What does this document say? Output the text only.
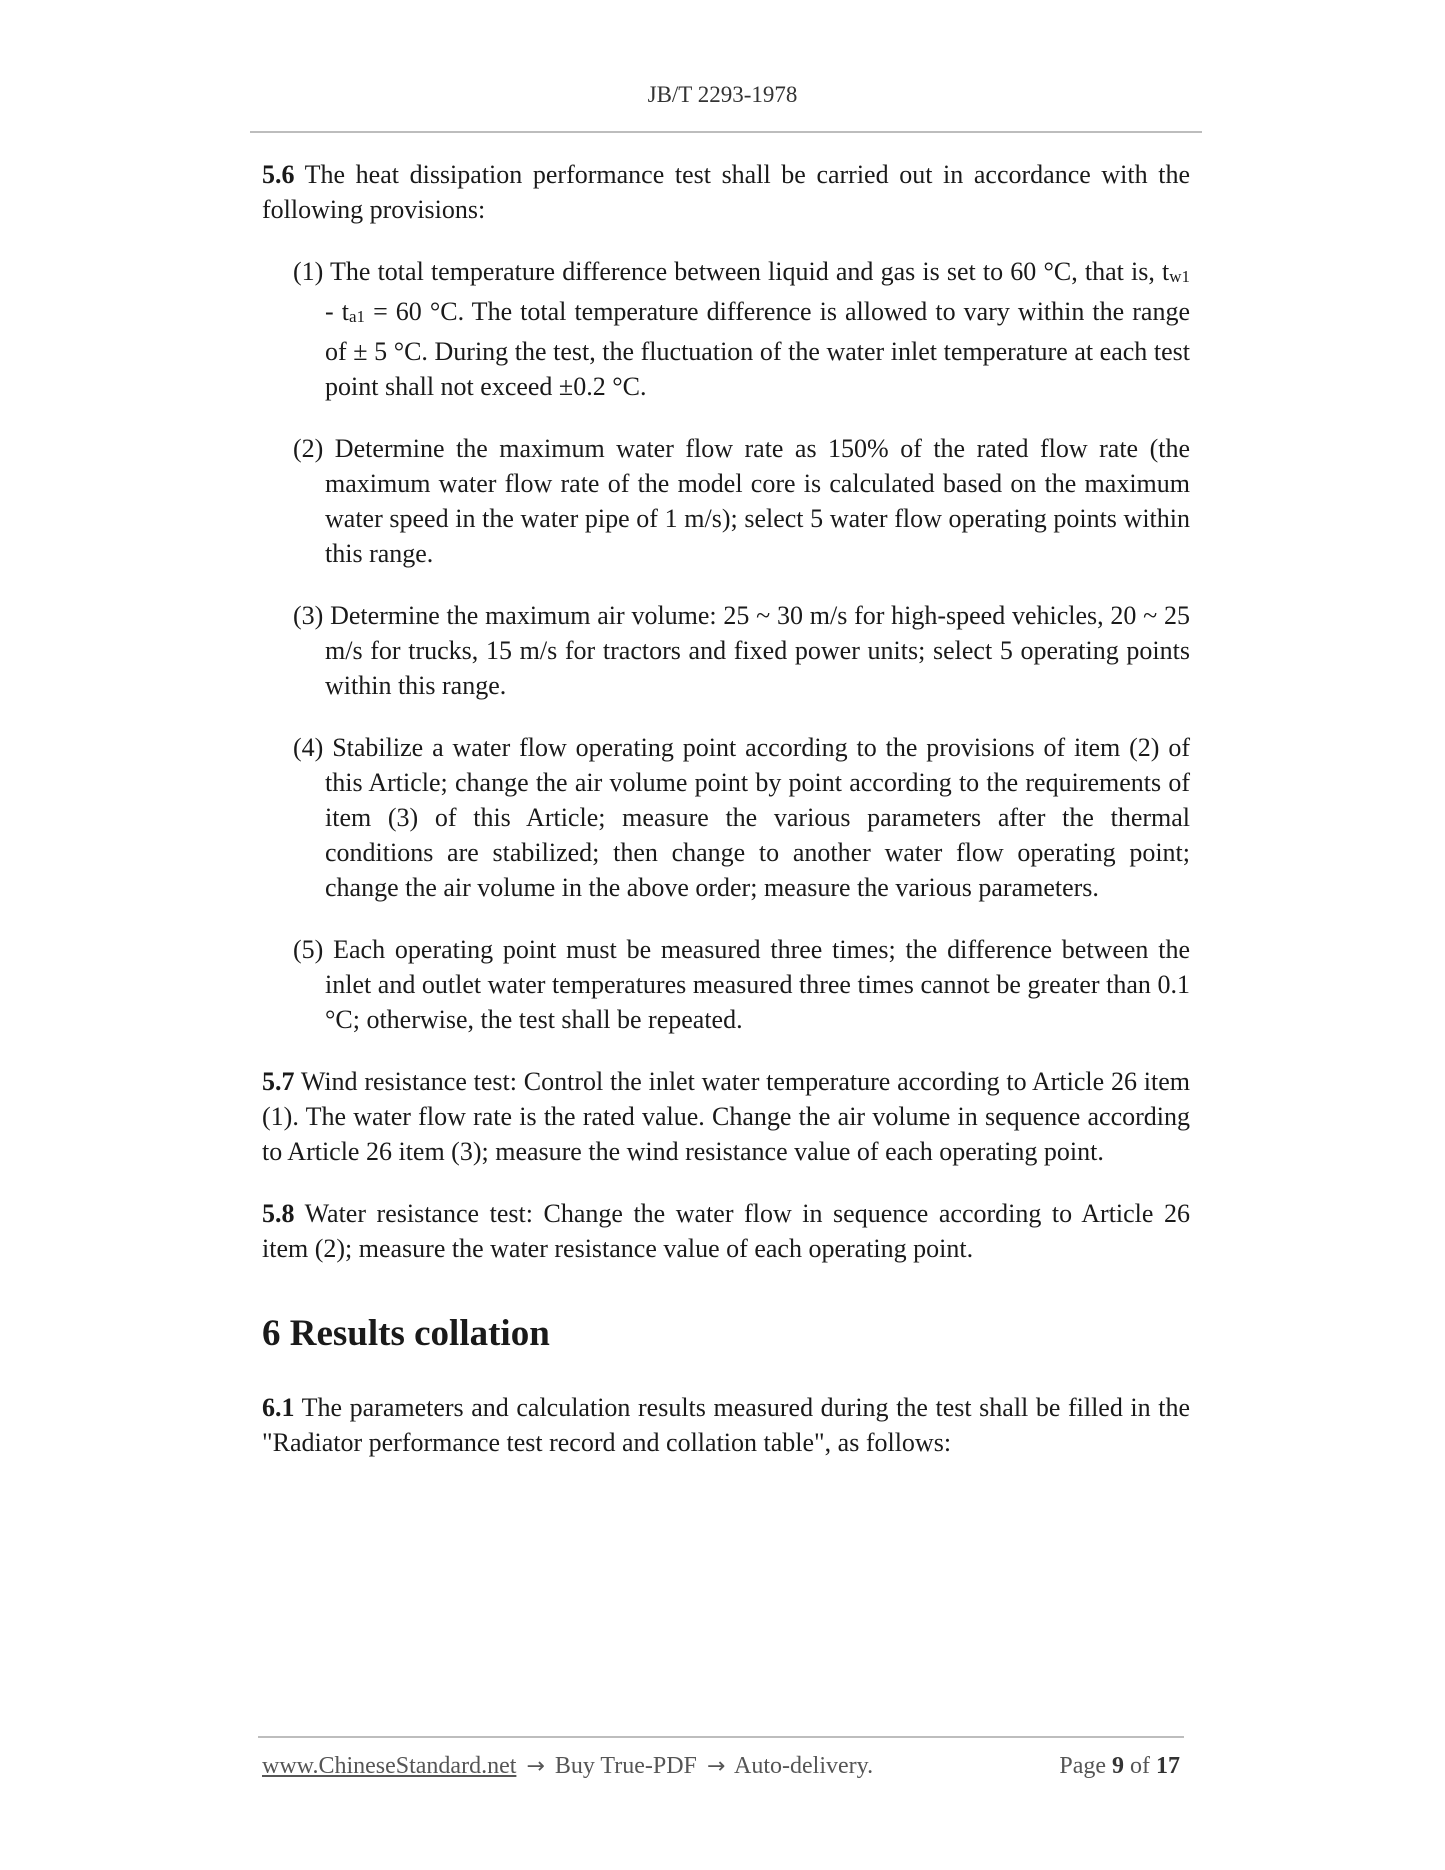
JB/T 2293-1978

5.6 The heat dissipation performance test shall be carried out in accordance with the following provisions:

(1) The total temperature difference between liquid and gas is set to 60 °C, that is, tw1 - ta1 = 60 °C. The total temperature difference is allowed to vary within the range of ± 5 °C. During the test, the fluctuation of the water inlet temperature at each test point shall not exceed ±0.2 °C.

(2) Determine the maximum water flow rate as 150% of the rated flow rate (the maximum water flow rate of the model core is calculated based on the maximum water speed in the water pipe of 1 m/s); select 5 water flow operating points within this range.

(3) Determine the maximum air volume: 25 ~ 30 m/s for high-speed vehicles, 20 ~ 25 m/s for trucks, 15 m/s for tractors and fixed power units; select 5 operating points within this range.

(4) Stabilize a water flow operating point according to the provisions of item (2) of this Article; change the air volume point by point according to the requirements of item (3) of this Article; measure the various parameters after the thermal conditions are stabilized; then change to another water flow operating point; change the air volume in the above order; measure the various parameters.

(5) Each operating point must be measured three times; the difference between the inlet and outlet water temperatures measured three times cannot be greater than 0.1 °C; otherwise, the test shall be repeated.

5.7 Wind resistance test: Control the inlet water temperature according to Article 26 item (1). The water flow rate is the rated value. Change the air volume in sequence according to Article 26 item (3); measure the wind resistance value of each operating point.

5.8 Water resistance test: Change the water flow in sequence according to Article 26 item (2); measure the water resistance value of each operating point.

6 Results collation

6.1 The parameters and calculation results measured during the test shall be filled in the "Radiator performance test record and collation table", as follows:

www.ChineseStandard.net → Buy True-PDF → Auto-delivery.	Page 9 of 17
